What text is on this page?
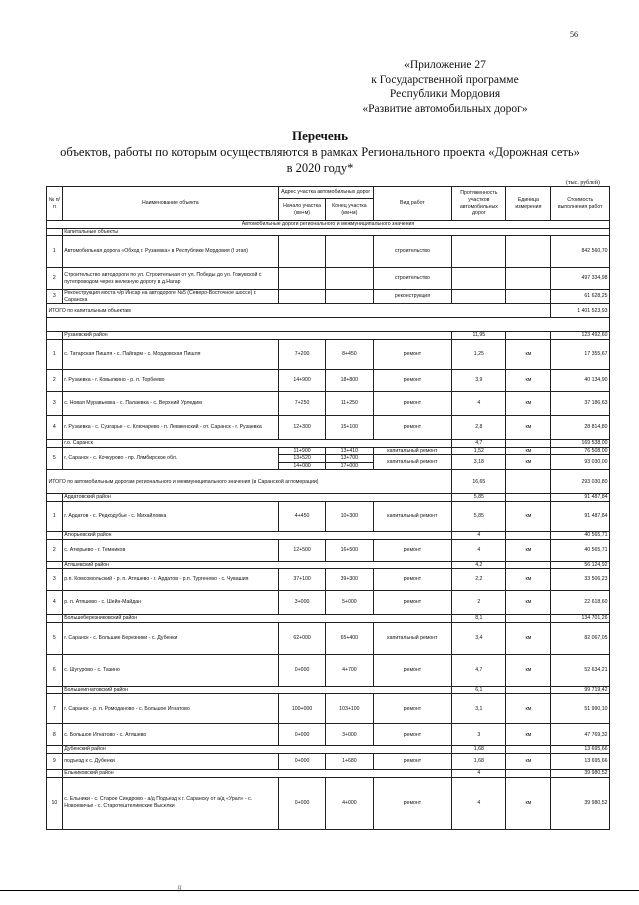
56
«Приложение 27
к Государственной программе
Республики Мордовия
«Развитие автомобильных дорог»
Перечень
объектов, работы по которым осуществляются в рамках Регионального проекта «Дорожная сеть»
в 2020 году*
(тыс. рублей)
№ п/п	Наименование объекта	Адрес участка автомобильных дорог		Вид работ	Протяженность участков автомобильных дорог	Единица измерения	Стоимость выполнения работ
		Начало участка (км+м)	Конец участка (км+м)				
Автомобильные дороги регионального и межмуниципального значения							
	Капитальные объекты						
1	Автомобильная дорога «Обход г. Рузаевка» в Республике Мордовия (I этап)			строительство			842 560,70
2	Строительство автодороги по ул. Строительная от ул. Победы до ул. Гожувской с путепроводом через железную дорогу в д.Нагар			строительство			497 334,98
3	Реконструкция моста ч/р Инсар на автодороге №5 (Северо-Восточное шоссе) г. Саранска			реконструкция			61 628,25
ИТОГО по капитальным объектам							1 401 523,93

	Рузаевский район				11,95		123 492,60
1	с. Татарская Пишля - с. Пайгарм - с. Мордовская Пишля	7+200	8+450	ремонт	1,25	км	17 355,67
2	г. Рузаевка - г. Ковылкино - р. п. Торбеево	14+900	18+800	ремонт	3,9	км	40 134,90
3	с. Новая Муравьевка - с. Палаевка - с. Верхний Урледим	7+250	11+250	ремонт	4	км	37 186,63
4	г. Рузаевка - с. Сузгарье - с. Ключарево - п. Левженский - от. Саранск - г. Рузаевка	12+300	15+100	ремонт	2,8	км	28 814,80
	г.о. Саранск				4,7		169 538,00
5	г. Саранск - с. Кочкурово - пр. Лямбирское обл.	11+900	13+410	капитальный ремонт	1,52	км	76 508,00
		13+520	13+700	капитальный ремонт	3,18	км	93 030,00
		14+000	17+000				
ИТОГО по автомобильным дорогам регионального и межмуниципального значения (в Саранской агломерации)					16,65		293 030,80
	Ардатовский район				5,85		91 487,84
1	г. Ардатов - с. Редкодубье - с. Михайловка	4+450	10+300	капитальный ремонт	5,85	км	91 487,84
	Атюрьевский район				4		40 565,71
2	с. Атюрьево - г. Темников	12+500	16+500	ремонт	4	км	40 565,71
	Атяшевский район				4,2		56 124,92
3	р.п. Комсомольский - р. п. Атяшево - г. Ардатов - р.п. Тургенево - с. Чувашия	37+100	39+300	ремонт	2,2	км	33 506,23
4	р. п. Атяшево - с. Шейн-Майдан	3+000	5+000	ремонт	2	км	22 618,60
	Большеберезниковский район				8,1		134 701,26
5	г. Саранск - с. Большие Березники - с. Дубенки	62+000	65+400	капитальный ремонт	3,4	км	82 067,05
6	с. Шугурово - с. Тазино	0+000	4+700	ремонт	4,7	км	52 634,21
	Большеигнатовский район				6,1		99 719,42
7	г. Саранск - р. п. Ромоданово - с. Большое Игнатово	100+000	103+100	ремонт	3,1	км	51 990,10
8	с. Большое Игнатово - с. Атяшево	0+000	3+000	ремонт	3	км	47 769,32
	Дубенский район				1,68		13 695,66
9	подъезд к с. Дубенки	0+000	1+680	ремонт	1,68	км	13 695,66
	Ельниковский район				4		39 980,52
10	с. Ельники - с. Старое Синдрово - а/д Подъезд к г. Саранску от а/д «Урал» - с. Новоевичье - с. Старотештелимские Выселки	0+000	4+000	ремонт	4	км	39 980,52
ℊ
